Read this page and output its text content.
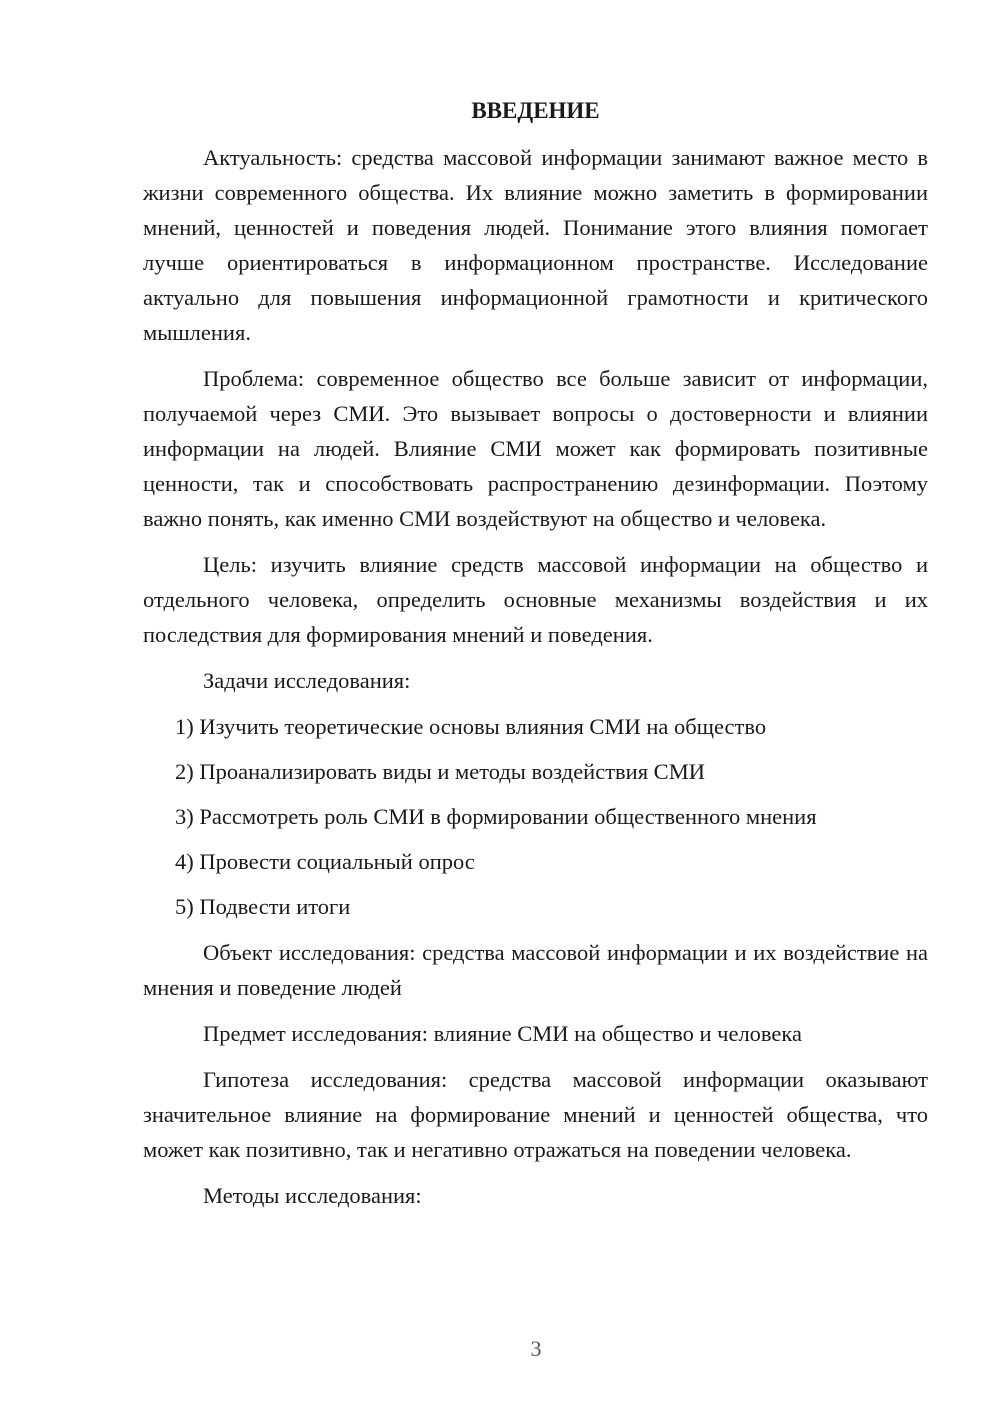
ВВЕДЕНИЕ

Актуальность: средства массовой информации занимают важное место в жизни современного общества. Их влияние можно заметить в формировании мнений, ценностей и поведения людей. Понимание этого влияния помогает лучше ориентироваться в информационном пространстве. Исследование актуально для повышения информационной грамотности и критического мышления.

Проблема: современное общество все больше зависит от информации, получаемой через СМИ. Это вызывает вопросы о достоверности и влиянии информации на людей. Влияние СМИ может как формировать позитивные ценности, так и способствовать распространению дезинформации. Поэтому важно понять, как именно СМИ воздействуют на общество и человека.

Цель: изучить влияние средств массовой информации на общество и отдельного человека, определить основные механизмы воздействия и их последствия для формирования мнений и поведения.

Задачи исследования:

1) Изучить теоретические основы влияния СМИ на общество
2) Проанализировать виды и методы воздействия СМИ
3) Рассмотреть роль СМИ в формировании общественного мнения
4) Провести социальный опрос
5) Подвести итоги

Объект исследования: средства массовой информации и их воздействие на мнения и поведение людей

Предмет исследования: влияние СМИ на общество и человека

Гипотеза исследования: средства массовой информации оказывают значительное влияние на формирование мнений и ценностей общества, что может как позитивно, так и негативно отражаться на поведении человека.

Методы исследования:

3
